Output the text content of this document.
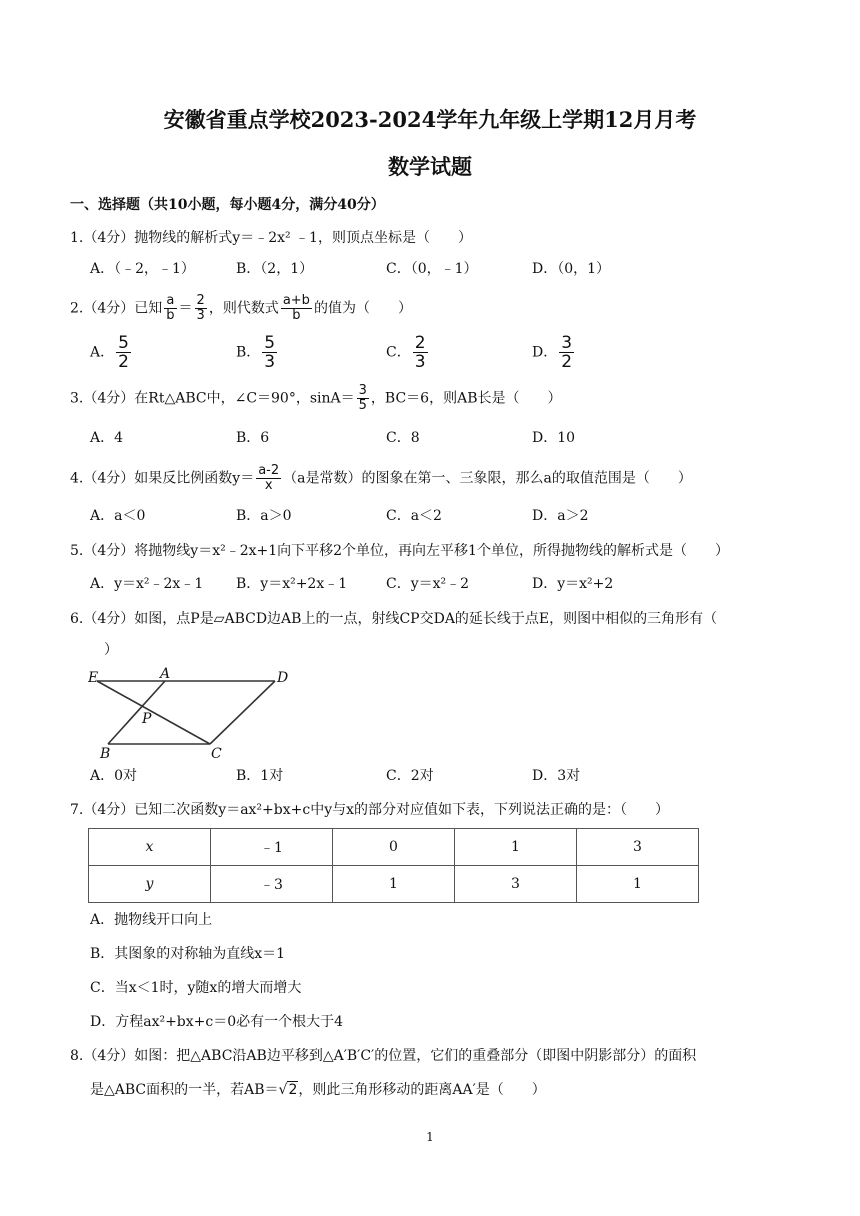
安徽省重点学校2023-2024学年九年级上学期12月月考
数学试题
一、选择题（共10小题，每小题4分，满分40分）
1.（4分）抛物线的解析式y＝﹣2x² ﹣1，则顶点坐标是（　　）
A．（﹣2，﹣1）	B．（2，1）	C．（0，﹣1）	D．（0，1）
2.（4分）已知 $\frac{a}{b} = \frac{2}{3}$ ，则代数式 $\frac{a+b}{b}$ 的值为（　　）
A． $\frac{5}{2}$	B． $\frac{5}{3}$	C． $\frac{2}{3}$	D． $\frac{3}{2}$
3.（4分）在Rt△ABC中，∠C＝90°，$\sin A= \frac{3}{5}$ ，BC＝6，则AB长是（　　）
A．4	B．6	C．8	D．10
4.（4分）如果反比例函数$y= \frac{a-2}{x} (a$是常数）的图象在第一、三象限，那么a的取值范围是（　　）
A．a＜0	B．a＞0	C．a＜2	D．a＞2
5.（4分）将抛物线y＝x²﹣2x+1向下平移2个单位，再向左平移1个单位，所得抛物线的解析式是（　　）
A．y＝x²﹣2x﹣1 B．y＝x²+2x﹣1	C．y＝x²﹣2	D．y＝x²+2
6.（4分）如图，点P是▱ABCD边AB上的一点，射线CP交DA的延长线于点E，则图中相似的三角形有（
）
E	A	D
P
B	C
A．0对	B．1对	C．2对	D．3对
7.（4分）已知二次函数y＝ax²+bx+c中y与x的部分对应值如下表，下列说法正确的是：（　　）
x	﹣1	0	1	3
y	﹣3	1	3	1
A．抛物线开口向上
B．其图象的对称轴为直线x＝1
C．当x＜1时，y随x的增大而增大
D．方程ax²+bx+c＝0必有一个根大于4
8.（4分）如图：把△ABC沿AB边平移到△A′B′C′的位置，它们的重叠部分（即图中阴影部分）的面积
是△ABC面积的一半，若AB＝√2，则此三角形移动的距离AA′是（　　）
1
